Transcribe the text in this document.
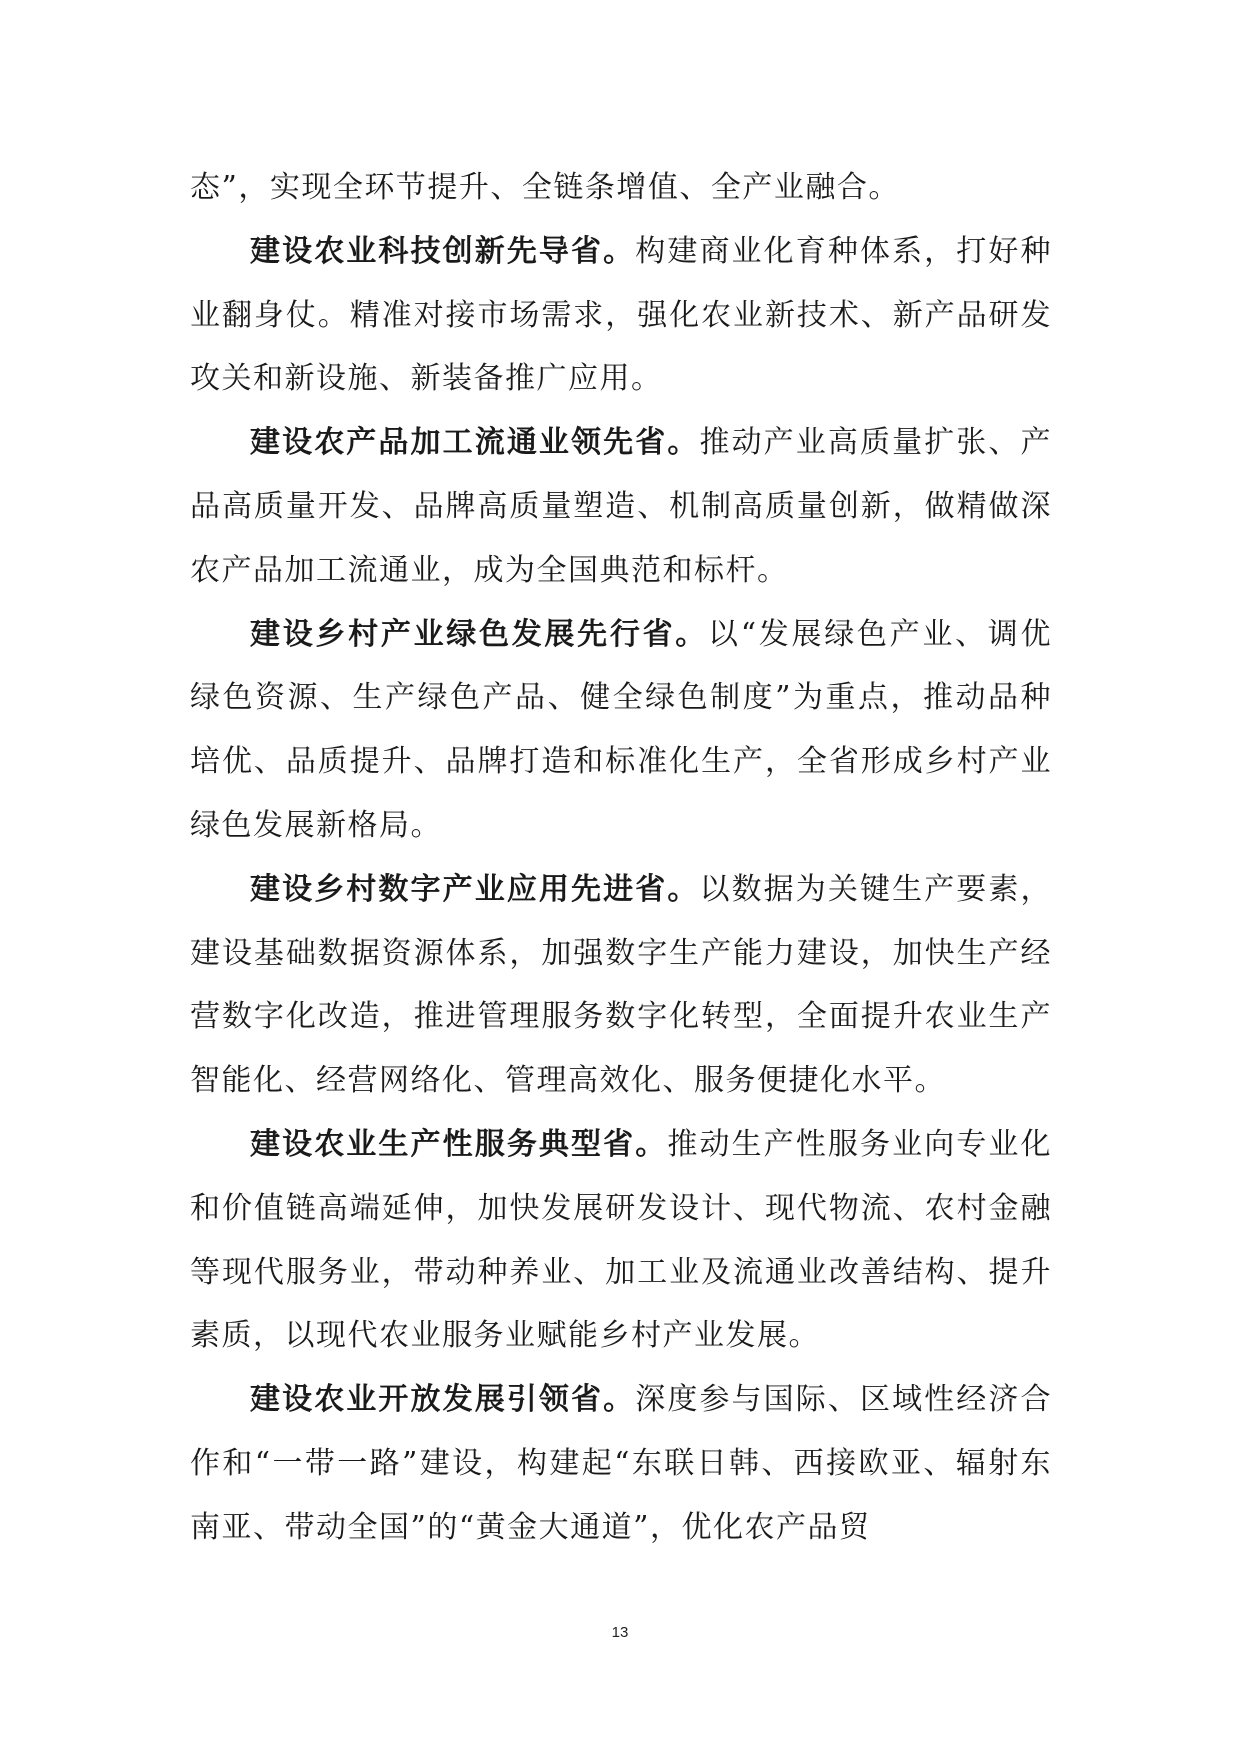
态”，实现全环节提升、全链条增值、全产业融合。

建设农业科技创新先导省。构建商业化育种体系，打好种业翻身仗。精准对接市场需求，强化农业新技术、新产品研发攻关和新设施、新装备推广应用。

建设农产品加工流通业领先省。推动产业高质量扩张、产品高质量开发、品牌高质量塑造、机制高质量创新，做精做深农产品加工流通业，成为全国典范和标杆。

建设乡村产业绿色发展先行省。以“发展绿色产业、调优绿色资源、生产绿色产品、健全绿色制度”为重点，推动品种培优、品质提升、品牌打造和标准化生产，全省形成乡村产业绿色发展新格局。

建设乡村数字产业应用先进省。以数据为关键生产要素，建设基础数据资源体系，加强数字生产能力建设，加快生产经营数字化改造，推进管理服务数字化转型，全面提升农业生产智能化、经营网络化、管理高效化、服务便捷化水平。

建设农业生产性服务典型省。推动生产性服务业向专业化和价值链高端延伸，加快发展研发设计、现代物流、农村金融等现代服务业，带动种养业、加工业及流通业改善结构、提升素质，以现代农业服务业赋能乡村产业发展。

建设农业开放发展引领省。深度参与国际、区域性经济合作和“一带一路”建设，构建起“东联日韩、西接欧亚、辐射东南亚、带动全国”的“黄金大通道”，优化农产品贸

13
